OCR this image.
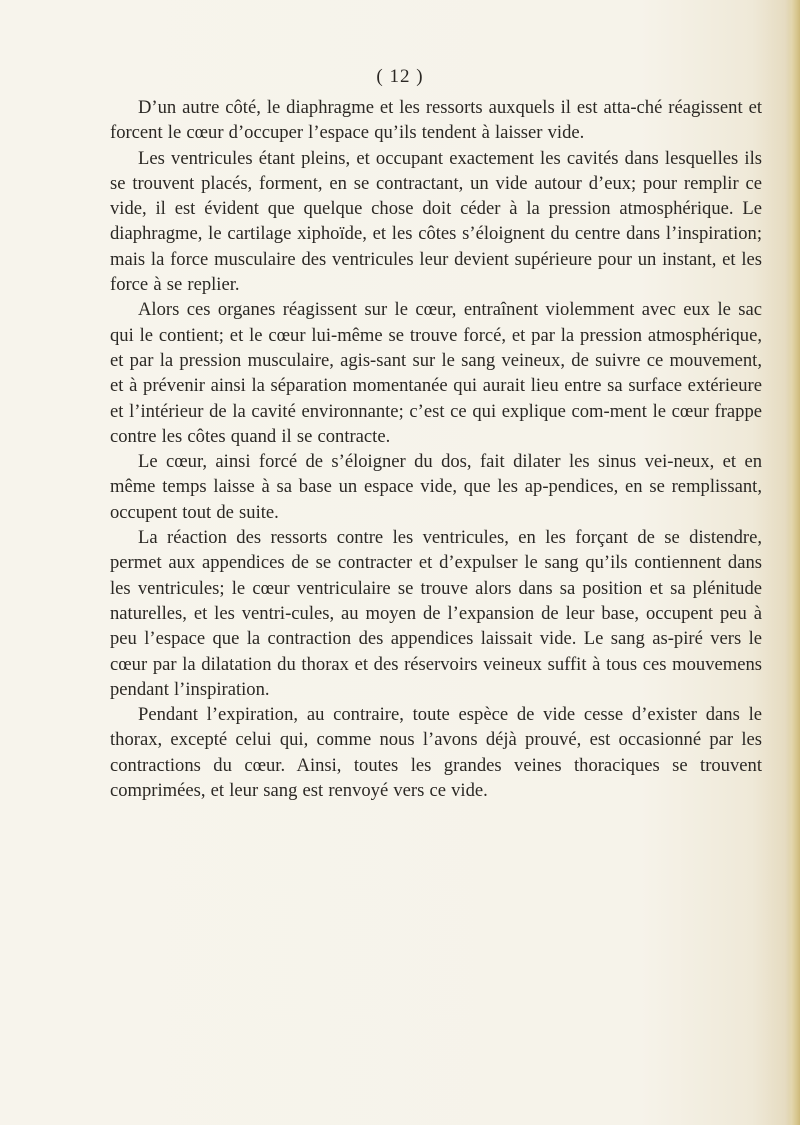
( 12 )

D’un autre côté, le diaphragme et les ressorts auxquels il est atta-ché réagissent et forcent le cœur d’occuper l’espace qu’ils tendent à laisser vide.

Les ventricules étant pleins, et occupant exactement les cavités dans lesquelles ils se trouvent placés, forment, en se contractant, un vide autour d’eux; pour remplir ce vide, il est évident que quelque chose doit céder à la pression atmosphérique. Le diaphragme, le cartilage xiphoïde, et les côtes s’éloignent du centre dans l’inspiration; mais la force musculaire des ventricules leur devient supérieure pour un instant, et les force à se replier.

Alors ces organes réagissent sur le cœur, entraînent violemment avec eux le sac qui le contient; et le cœur lui-même se trouve forcé, et par la pression atmosphérique, et par la pression musculaire, agis-sant sur le sang veineux, de suivre ce mouvement, et à prévenir ainsi la séparation momentanée qui aurait lieu entre sa surface extérieure et l’intérieur de la cavité environnante; c’est ce qui explique com-ment le cœur frappe contre les côtes quand il se contracte.

Le cœur, ainsi forcé de s’éloigner du dos, fait dilater les sinus vei-neux, et en même temps laisse à sa base un espace vide, que les ap-pendices, en se remplissant, occupent tout de suite.

La réaction des ressorts contre les ventricules, en les forçant de se distendre, permet aux appendices de se contracter et d’expulser le sang qu’ils contiennent dans les ventricules; le cœur ventriculaire se trouve alors dans sa position et sa plénitude naturelles, et les ventri-cules, au moyen de l’expansion de leur base, occupent peu à peu l’espace que la contraction des appendices laissait vide. Le sang as-piré vers le cœur par la dilatation du thorax et des réservoirs veineux suffit à tous ces mouvemens pendant l’inspiration.

Pendant l’expiration, au contraire, toute espèce de vide cesse d’exister dans le thorax, excepté celui qui, comme nous l’avons déjà prouvé, est occasionné par les contractions du cœur. Ainsi, toutes les grandes veines thoraciques se trouvent comprimées, et leur sang est renvoyé vers ce vide.
